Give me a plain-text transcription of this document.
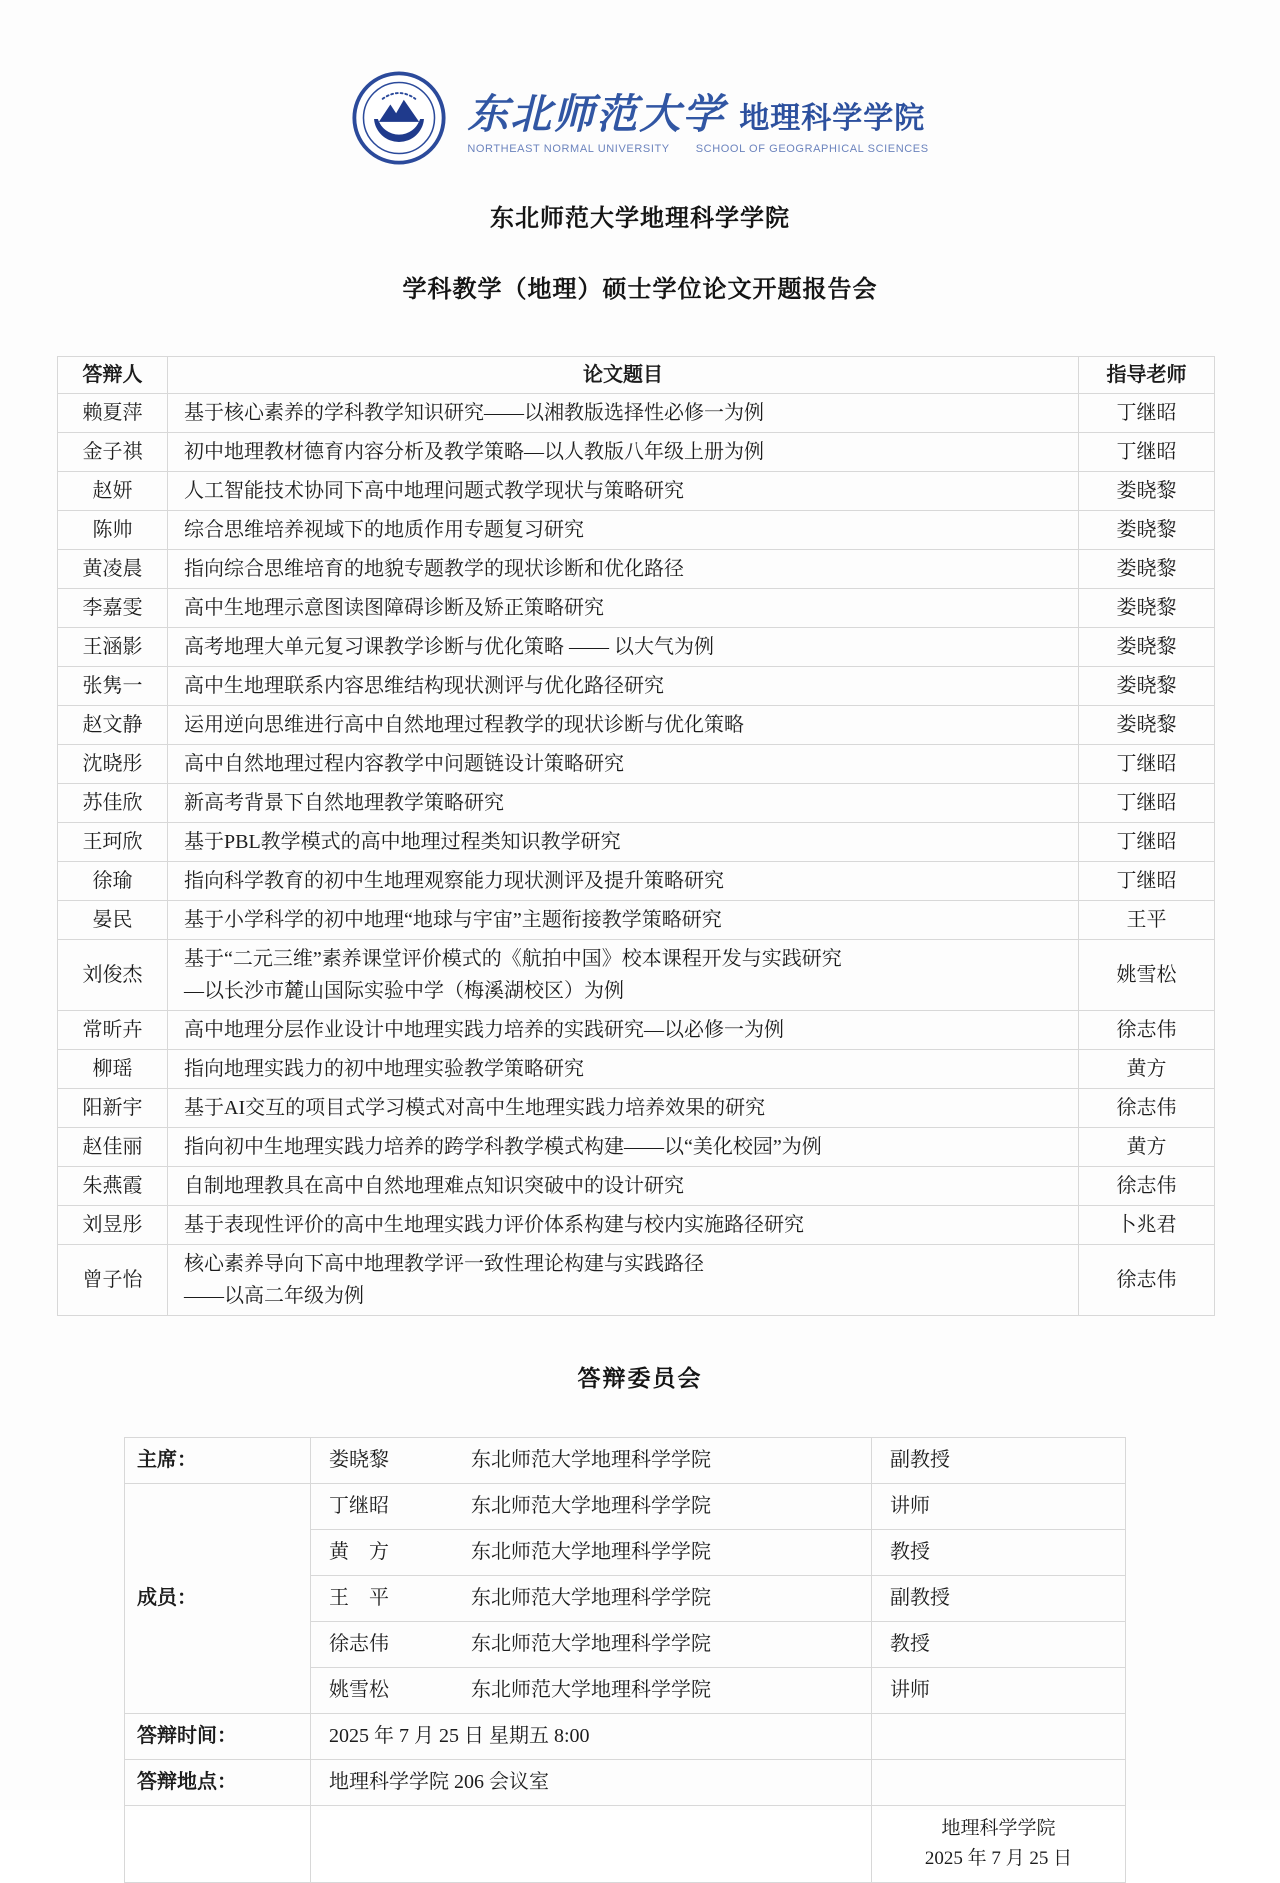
东北师范大学 地理科学学院
NORTHEAST NORMAL UNIVERSITY SCHOOL OF GEOGRAPHICAL SCIENCES
东北师范大学地理科学学院
学科教学（地理）硕士学位论文开题报告会
答辩人	论文题目	指导老师
赖夏萍	基于核心素养的学科教学知识研究——以湘教版选择性必修一为例	丁继昭
金子祺	初中地理教材德育内容分析及教学策略—以人教版八年级上册为例	丁继昭
赵妍	人工智能技术协同下高中地理问题式教学现状与策略研究	娄晓黎
陈帅	综合思维培养视域下的地质作用专题复习研究	娄晓黎
黄凌晨	指向综合思维培育的地貌专题教学的现状诊断和优化路径	娄晓黎
李嘉雯	高中生地理示意图读图障碍诊断及矫正策略研究	娄晓黎
王涵影	高考地理大单元复习课教学诊断与优化策略 —— 以大气为例	娄晓黎
张隽一	高中生地理联系内容思维结构现状测评与优化路径研究	娄晓黎
赵文静	运用逆向思维进行高中自然地理过程教学的现状诊断与优化策略	娄晓黎
沈晓彤	高中自然地理过程内容教学中问题链设计策略研究	丁继昭
苏佳欣	新高考背景下自然地理教学策略研究	丁继昭
王珂欣	基于PBL教学模式的高中地理过程类知识教学研究	丁继昭
徐瑜	指向科学教育的初中生地理观察能力现状测评及提升策略研究	丁继昭
晏民	基于小学科学的初中地理“地球与宇宙”主题衔接教学策略研究	王平
刘俊杰	基于“二元三维”素养课堂评价模式的《航拍中国》校本课程开发与实践研究
—以长沙市麓山国际实验中学（梅溪湖校区）为例	姚雪松
常昕卉	高中地理分层作业设计中地理实践力培养的实践研究—以必修一为例	徐志伟
柳瑶	指向地理实践力的初中地理实验教学策略研究	黄方
阳新宇	基于AI交互的项目式学习模式对高中生地理实践力培养效果的研究	徐志伟
赵佳丽	指向初中生地理实践力培养的跨学科教学模式构建——以“美化校园”为例	黄方
朱燕霞	自制地理教具在高中自然地理难点知识突破中的设计研究	徐志伟
刘昱彤	基于表现性评价的高中生地理实践力评价体系构建与校内实施路径研究	卜兆君
曾子怡	核心素养导向下高中地理教学评一致性理论构建与实践路径
——以高二年级为例	徐志伟
答辩委员会
主席：	娄晓黎 东北师范大学地理科学学院	副教授
成员：	丁继昭 东北师范大学地理科学学院	讲师

	黄　方 东北师范大学地理科学学院	教授

	王　平 东北师范大学地理科学学院	副教授

	徐志伟 东北师范大学地理科学学院	教授

	姚雪松 东北师范大学地理科学学院	讲师
答辩时间：	2025 年 7 月 25 日 星期五 8:00	
答辩地点：	地理科学学院 206 会议室	

		地理科学学院
2025 年 7 月 25 日
